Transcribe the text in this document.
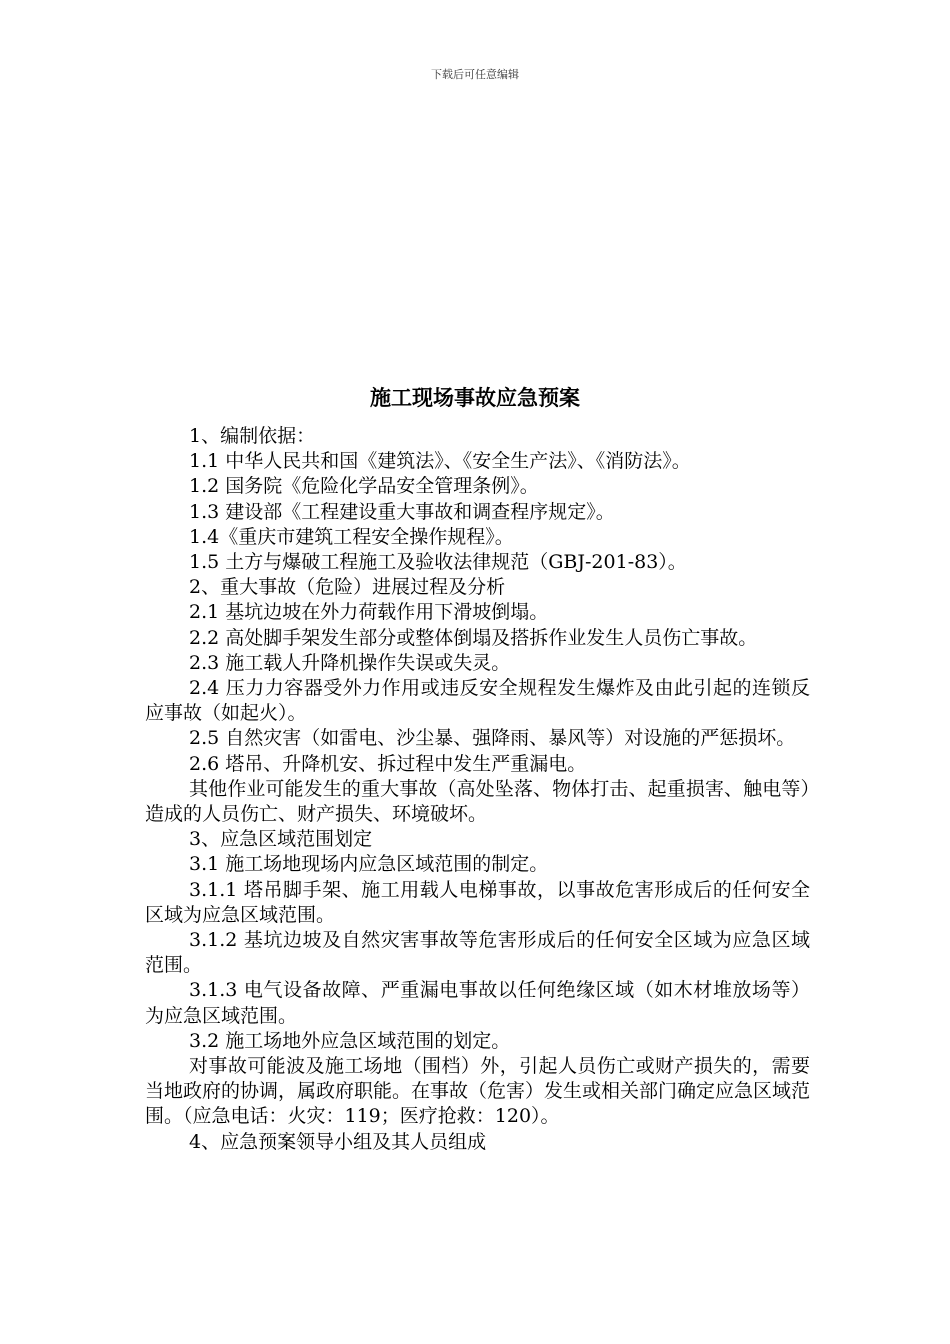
下载后可任意编辑
施工现场事故应急预案

1、编制依据：

1.1 中华人民共和国《建筑法》、《安全生产法》、《消防法》。

1.2 国务院《危险化学品安全管理条例》。

1.3 建设部《工程建设重大事故和调查程序规定》。

1.4《重庆市建筑工程安全操作规程》。

1.5 土方与爆破工程施工及验收法律规范（GBJ-201-83）。

2、重大事故（危险）进展过程及分析

2.1 基坑边坡在外力荷载作用下滑坡倒塌。

2.2 高处脚手架发生部分或整体倒塌及搭拆作业发生人员伤亡事故。

2.3 施工载人升降机操作失误或失灵。

2.4 压力力容器受外力作用或违反安全规程发生爆炸及由此引起的连锁反应事故（如起火）。

2.5 自然灾害（如雷电、沙尘暴、强降雨、暴风等）对设施的严惩损坏。

2.6 塔吊、升降机安、拆过程中发生严重漏电。

其他作业可能发生的重大事故（高处坠落、物体打击、起重损害、触电等）造成的人员伤亡、财产损失、环境破坏。

3、应急区域范围划定

3.1 施工场地现场内应急区域范围的制定。

3.1.1 塔吊脚手架、施工用载人电梯事故，以事故危害形成后的任何安全区域为应急区域范围。

3.1.2 基坑边坡及自然灾害事故等危害形成后的任何安全区域为应急区域范围。

3.1.3 电气设备故障、严重漏电事故以任何绝缘区域（如木材堆放场等）为应急区域范围。

3.2 施工场地外应急区域范围的划定。

对事故可能波及施工场地（围档）外，引起人员伤亡或财产损失的，需要当地政府的协调，属政府职能。在事故（危害）发生或相关部门确定应急区域范围。（应急电话：火灾：119；医疗抢救：120）。

4、应急预案领导小组及其人员组成
